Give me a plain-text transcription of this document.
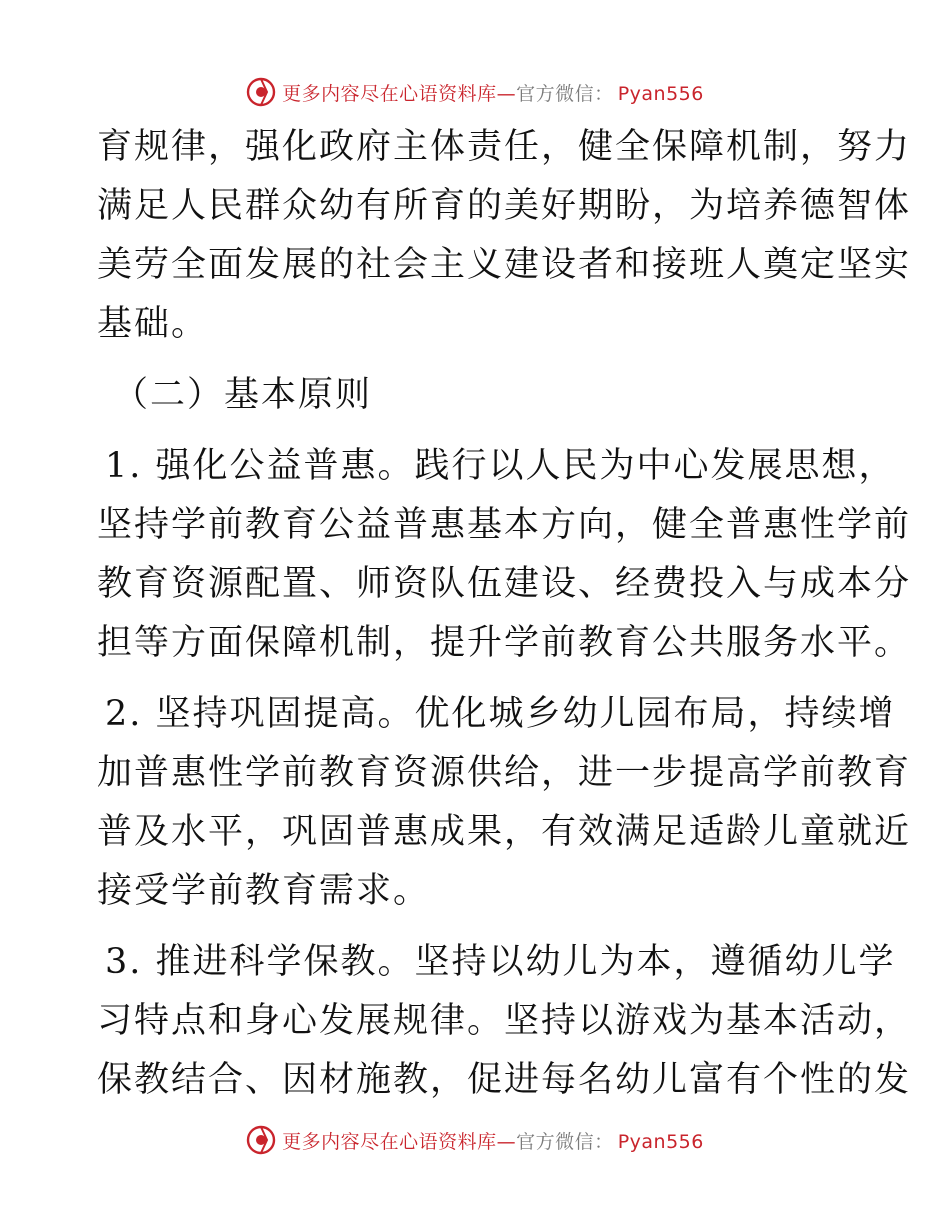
更多内容尽在心语资料库—官方微信： Pyan556
育规律，强化政府主体责任，健全保障机制，努力
满足人民群众幼有所育的美好期盼，为培养德智体
美劳全面发展的社会主义建设者和接班人奠定坚实
基础。
（二）基本原则
1. 强化公益普惠。践行以人民为中心发展思想，
坚持学前教育公益普惠基本方向，健全普惠性学前
教育资源配置、师资队伍建设、经费投入与成本分
担等方面保障机制，提升学前教育公共服务水平。
2. 坚持巩固提高。优化城乡幼儿园布局，持续增
加普惠性学前教育资源供给，进一步提高学前教育
普及水平，巩固普惠成果，有效满足适龄儿童就近
接受学前教育需求。
3. 推进科学保教。坚持以幼儿为本，遵循幼儿学
习特点和身心发展规律。坚持以游戏为基本活动，
保教结合、因材施教，促进每名幼儿富有个性的发
更多内容尽在心语资料库—官方微信： Pyan556
